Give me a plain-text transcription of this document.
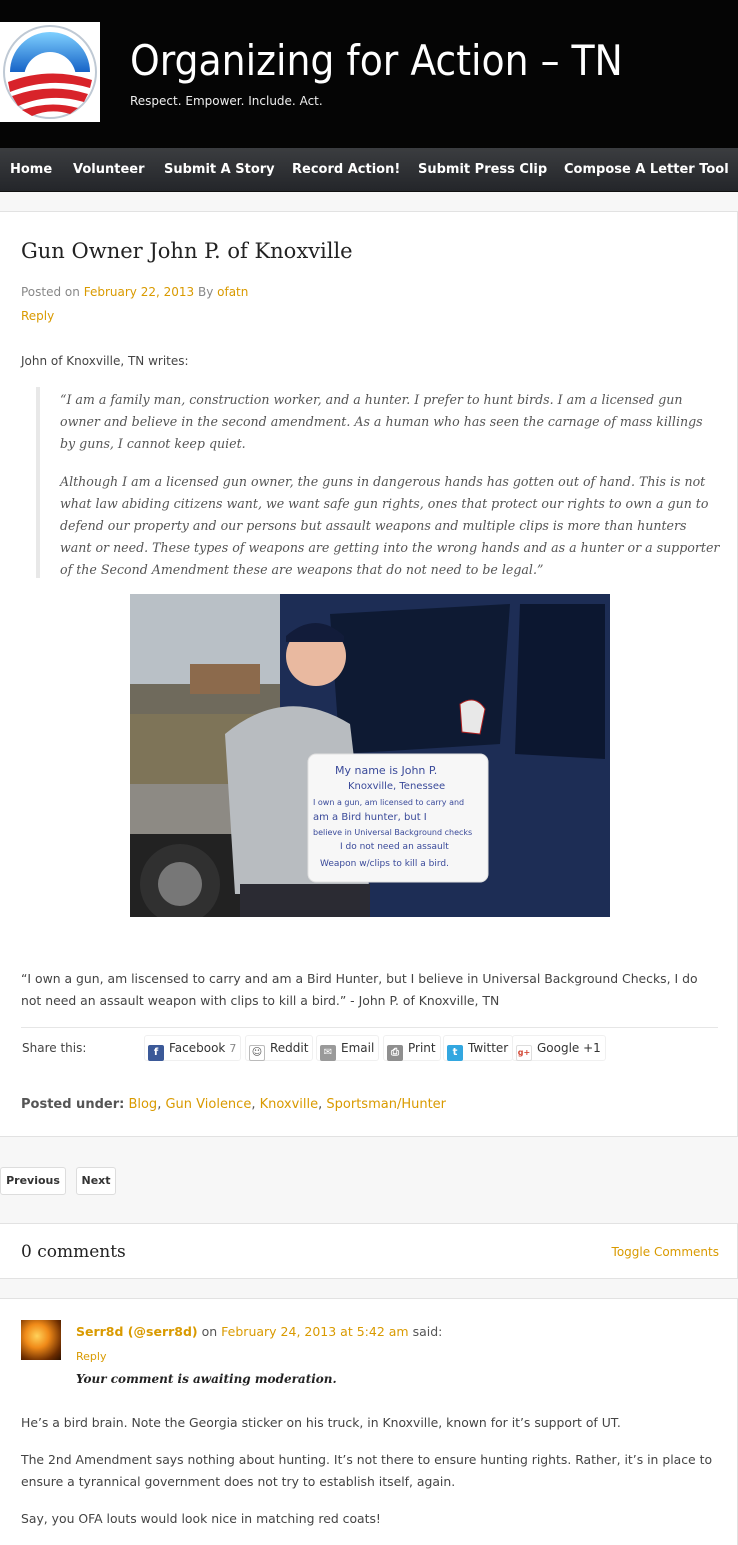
Organizing for Action – TN
Respect. Empower. Include. Act.
Home Volunteer Submit A Story Record Action! Submit Press Clip Compose A Letter Tool
Gun Owner John P. of Knoxville
Posted on February 22, 2013 By ofatn
Reply
John of Knoxville, TN writes:

“I am a family man, construction worker, and a hunter. I prefer to hunt birds. I am a licensed gun owner and believe in the second amendment. As a human who has seen the carnage of mass killings by guns, I cannot keep quiet.

Although I am a licensed gun owner, the guns in dangerous hands has gotten out of hand. This is not what law abiding citizens want, we want safe gun rights, ones that protect our rights to own a gun to defend our property and our persons but assault weapons and multiple clips is more than hunters want or need. These types of weapons are getting into the wrong hands and as a hunter or a supporter of the Second Amendment these are weapons that do not need to be legal.”

My name is John P.
Knoxville, Tenessee
I own a gun, am licensed to carry and
am a Bird hunter, but I
believe in Universal Background checks
I do not need an assault
Weapon w/clips to kill a bird.
“I own a gun, am liscensed to carry and am a Bird Hunter, but I believe in Universal Background Checks, I do not need an assault weapon with clips to kill a bird.” - John P. of Knoxville, TN
Share this:	f Facebook 7	☺ Reddit	✉ Email	⎙ Print	t Twitter	g+ Google +1
Posted under: Blog, Gun Violence, Knoxville, Sportsman/Hunter
Previous	Next
0 comments	Toggle Comments
Serr8d (@serr8d) on February 24, 2013 at 5:42 am said:
Reply
Your comment is awaiting moderation.

He’s a bird brain. Note the Georgia sticker on his truck, in Knoxville, known for it’s support of UT.

The 2nd Amendment says nothing about hunting. It’s not there to ensure hunting rights. Rather, it’s in place to ensure a tyrannical government does not try to establish itself, again.

Say, you OFA louts would look nice in matching red coats!
